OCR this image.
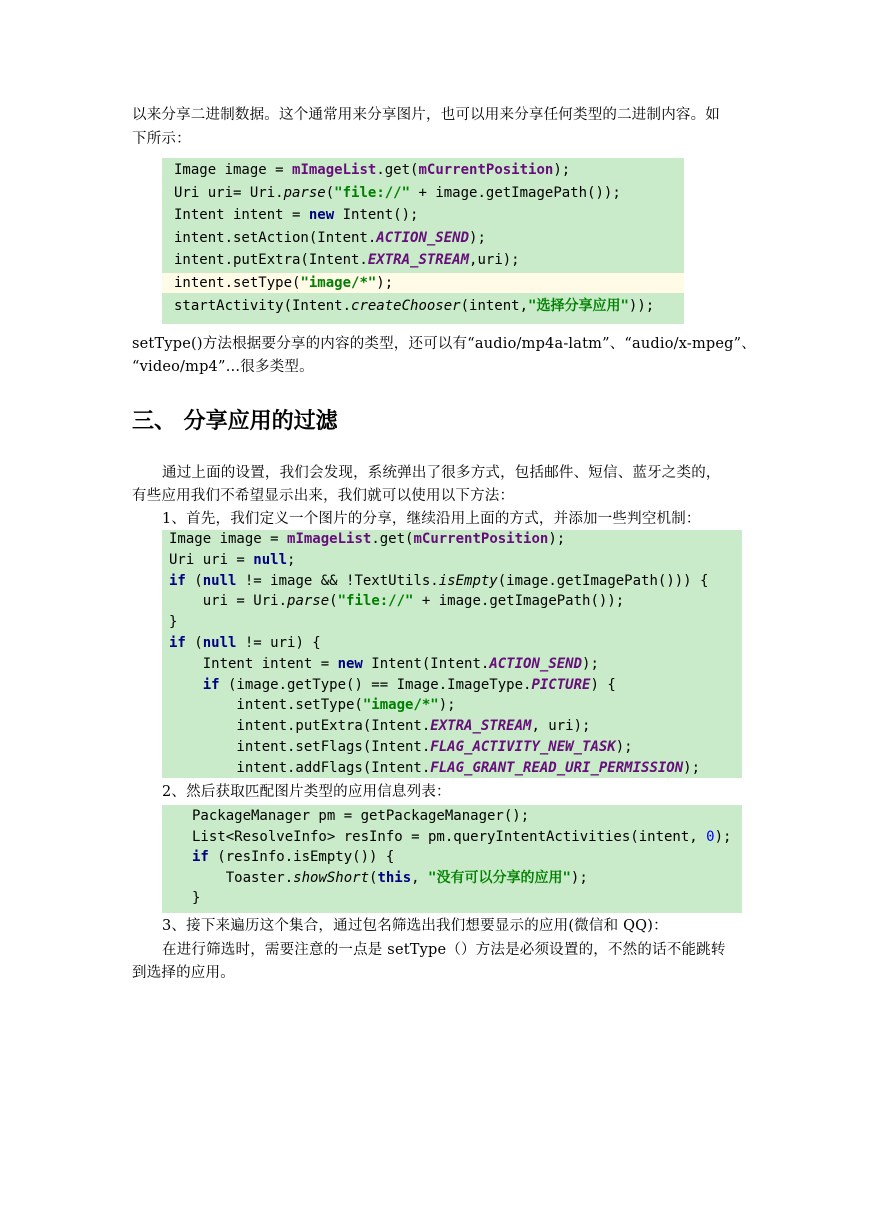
以来分享二进制数据。这个通常用来分享图片，也可以用来分享任何类型的二进制内容。如
下所示：
Image image = mImageList.get(mCurrentPosition);
Uri uri= Uri.parse("file://" + image.getImagePath());
Intent intent = new Intent();
intent.setAction(Intent.ACTION_SEND);
intent.putExtra(Intent.EXTRA_STREAM,uri);
intent.setType("image/*");
startActivity(Intent.createChooser(intent,"选择分享应用"));
setType()方法根据要分享的内容的类型，还可以有“audio/mp4a-latm”、“audio/x-mpeg”、
“video/mp4”…很多类型。
三、 分享应用的过滤
通过上面的设置，我们会发现，系统弹出了很多方式，包括邮件、短信、蓝牙之类的，
有些应用我们不希望显示出来，我们就可以使用以下方法：
1、首先，我们定义一个图片的分享，继续沿用上面的方式，并添加一些判空机制：
Image image = mImageList.get(mCurrentPosition);
Uri uri = null;
if (null != image && !TextUtils.isEmpty(image.getImagePath())) {
uri = Uri.parse("file://" + image.getImagePath());
}
if (null != uri) {
Intent intent = new Intent(Intent.ACTION_SEND);
if (image.getType() == Image.ImageType.PICTURE) {
intent.setType("image/*");
intent.putExtra(Intent.EXTRA_STREAM, uri);
intent.setFlags(Intent.FLAG_ACTIVITY_NEW_TASK);
intent.addFlags(Intent.FLAG_GRANT_READ_URI_PERMISSION);
2、然后获取匹配图片类型的应用信息列表：
PackageManager pm = getPackageManager();
List<ResolveInfo> resInfo = pm.queryIntentActivities(intent, 0);
if (resInfo.isEmpty()) {
Toaster.showShort(this, "没有可以分享的应用");
}
3、接下来遍历这个集合，通过包名筛选出我们想要显示的应用(微信和 QQ)：
在进行筛选时，需要注意的一点是 setType（）方法是必须设置的，不然的话不能跳转
到选择的应用。
